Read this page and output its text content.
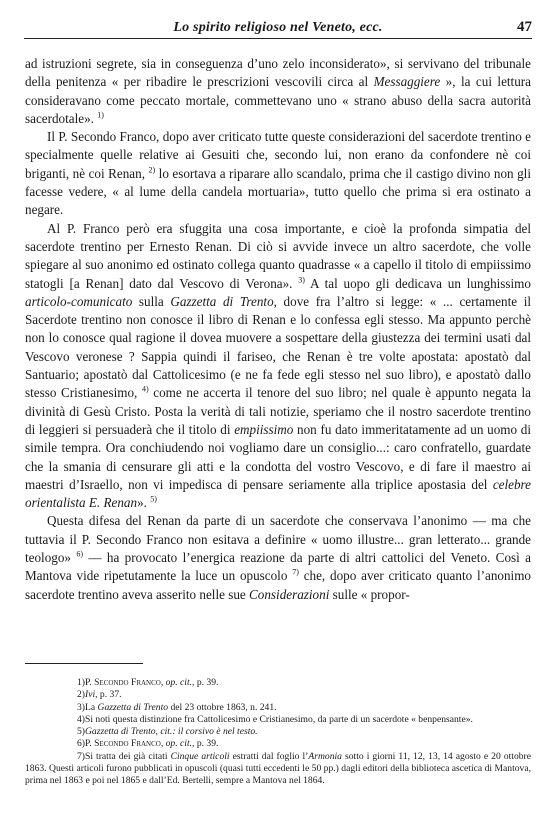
Lo spirito religioso nel Veneto, ecc.	47

ad istruzioni segrete, sia in conseguenza d’uno zelo inconsiderato», si servivano del tribunale della penitenza « per ribadire le prescrizioni vescovili circa al Messaggiere », la cui lettura consideravano come peccato mortale, commettevano uno « strano abuso della sacra autorità sacerdotale». $^{1)}$

Il P. Secondo Franco, dopo aver criticato tutte queste considerazioni del sacerdote trentino e specialmente quelle relative ai Gesuiti che, secondo lui, non erano da confondere nè coi briganti, nè coi Renan, $^{2)}$ lo esortava a riparare allo scandalo, prima che il castigo divino non gli facesse vedere, « al lume della candela mortuaria», tutto quello che prima si era ostinato a negare.

Al P. Franco però era sfuggita una cosa importante, e cioè la profonda simpatia del sacerdote trentino per Ernesto Renan. Di ciò si avvide invece un altro sacerdote, che volle spiegare al suo anonimo ed ostinato collega quanto quadrasse « a capello il titolo di empiissimo statogli [a Renan] dato dal Vescovo di Verona». $^{3)}$ A tal uopo gli dedicava un lunghissimo articolo-comunicato sulla Gazzetta di Trento, dove fra l’altro si legge: « ... certamente il Sacerdote trentino non conosce il libro di Renan e lo confessa egli stesso. Ma appunto perchè non lo conosce qual ragione il dovea muovere a sospettare della giustezza dei termini usati dal Vescovo veronese ? Sappia quindi il fariseo, che Renan è tre volte apostata: apostatò dal Santuario; apostatò dal Cattolicesimo (e ne fa fede egli stesso nel suo libro), e apostatò dallo stesso Cristianesimo, $^{4)}$ come ne accerta il tenore del suo libro; nel quale è appunto negata la divinità di Gesù Cristo. Posta la verità di tali notizie, speriamo che il nostro sacerdote trentino di leggieri si persuaderà che il titolo di empiissimo non fu dato immeritatamente ad un uomo di simile tempra. Ora conchiudendo noi vogliamo dare un consiglio...: caro confratello, guardate che la smania di censurare gli atti e la condotta del vostro Vescovo, e di fare il maestro ai maestri d’Israello, non vi impedisca di pensare seriamente alla triplice apostasia del celebre orientalista E. Renan». $^{5)}$

Questa difesa del Renan da parte di un sacerdote che conservava l’anonimo — ma che tuttavia il P. Secondo Franco non esitava a definire « uomo illustre... gran letterato... grande teologo» $^{6)}$ — ha provocato l’energica reazione da parte di altri cattolici del Veneto. Così a Mantova vide ripetutamente la luce un opuscolo $^{7)}$ che, dopo aver criticato quanto l’anonimo sacerdote trentino aveva asserito nelle sue Considerazioni sulle « propor-

1)P. Secondo Franco, op. cit., p. 39.

2)Ivi, p. 37.

3)La Gazzetta di Trento del 23 ottobre 1863, n. 241.

4)Si noti questa distinzione fra Cattolicesimo e Cristianesimo, da parte di un sacerdote « benpensante».

5)Gazzetta di Trento, cit.: il corsivo è nel testo.

6)P. Secondo Franco, op. cit., p. 39.

7)Si tratta dei già citati Cinque articoli estratti dal foglio l’Armonia sotto i giorni 11, 12, 13, 14 agosto e 20 ottobre 1863. Questi articoli furono pubblicati in opuscoli (quasi tutti eccedenti le 50 pp.) dagli editori della biblioteca ascetica di Mantova, prima nel 1863 e poi nel 1865 e dall’Ed. Bertelli, sempre a Mantova nel 1864.
